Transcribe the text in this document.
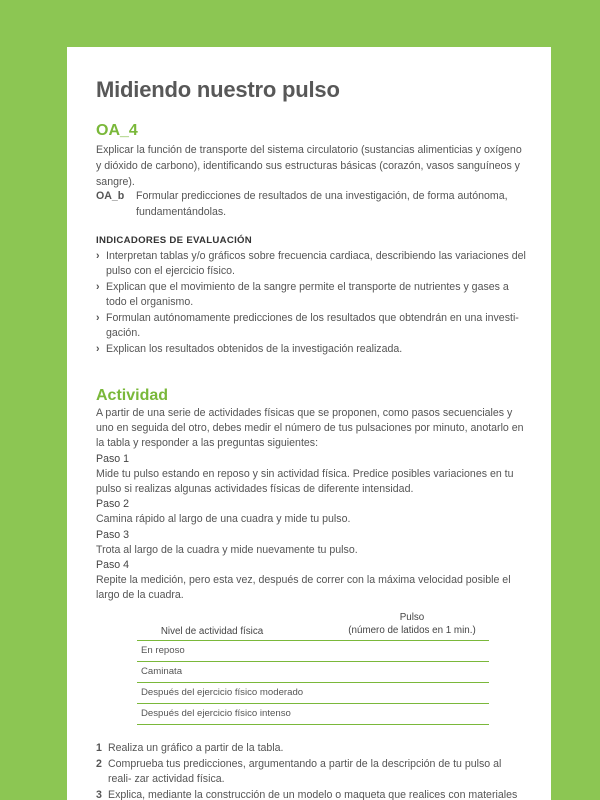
Midiendo nuestro pulso
OA_4
Explicar la función de transporte del sistema circulatorio (sustancias alimenticias y oxígeno y dióxido de carbono), identificando sus estructuras básicas (corazón, vasos sanguíneos y sangre).
OA_b Formular predicciones de resultados de una investigación, de forma autónoma, fundamentándolas.
INDICADORES DE EVALUACIÓN
› Interpretan tablas y/o gráficos sobre frecuencia cardiaca, describiendo las variaciones del pulso con el ejercicio físico.
› Explican que el movimiento de la sangre permite el transporte de nutrientes y gases a todo el organismo.
› Formulan autónomamente predicciones de los resultados que obtendrán en una investi- gación.
› Explican los resultados obtenidos de la investigación realizada.
Actividad

A partir de una serie de actividades físicas que se proponen, como pasos secuenciales y uno en seguida del otro, debes medir el número de tus pulsaciones por minuto, anotarlo en la tabla y responder a las preguntas siguientes:

Paso 1

Mide tu pulso estando en reposo y sin actividad física. Predice posibles variaciones en tu pulso si realizas algunas actividades físicas de diferente intensidad.

Paso 2

Camina rápido al largo de una cuadra y mide tu pulso.

Paso 3

Trota al largo de la cuadra y mide nuevamente tu pulso.

Paso 4

Repite la medición, pero esta vez, después de correr con la máxima velocidad posible el largo de la cuadra.

Nivel de actividad física
Pulso
(número de latidos en 1 min.)
En reposo
Caminata
Después del ejercicio físico moderado
Después del ejercicio físico intenso
1 Realiza un gráfico a partir de la tabla.
2 Comprueba tus predicciones, argumentando a partir de la descripción de tu pulso al reali- zar actividad física.
3 Explica, mediante la construcción de un modelo o maqueta que realices con materiales
